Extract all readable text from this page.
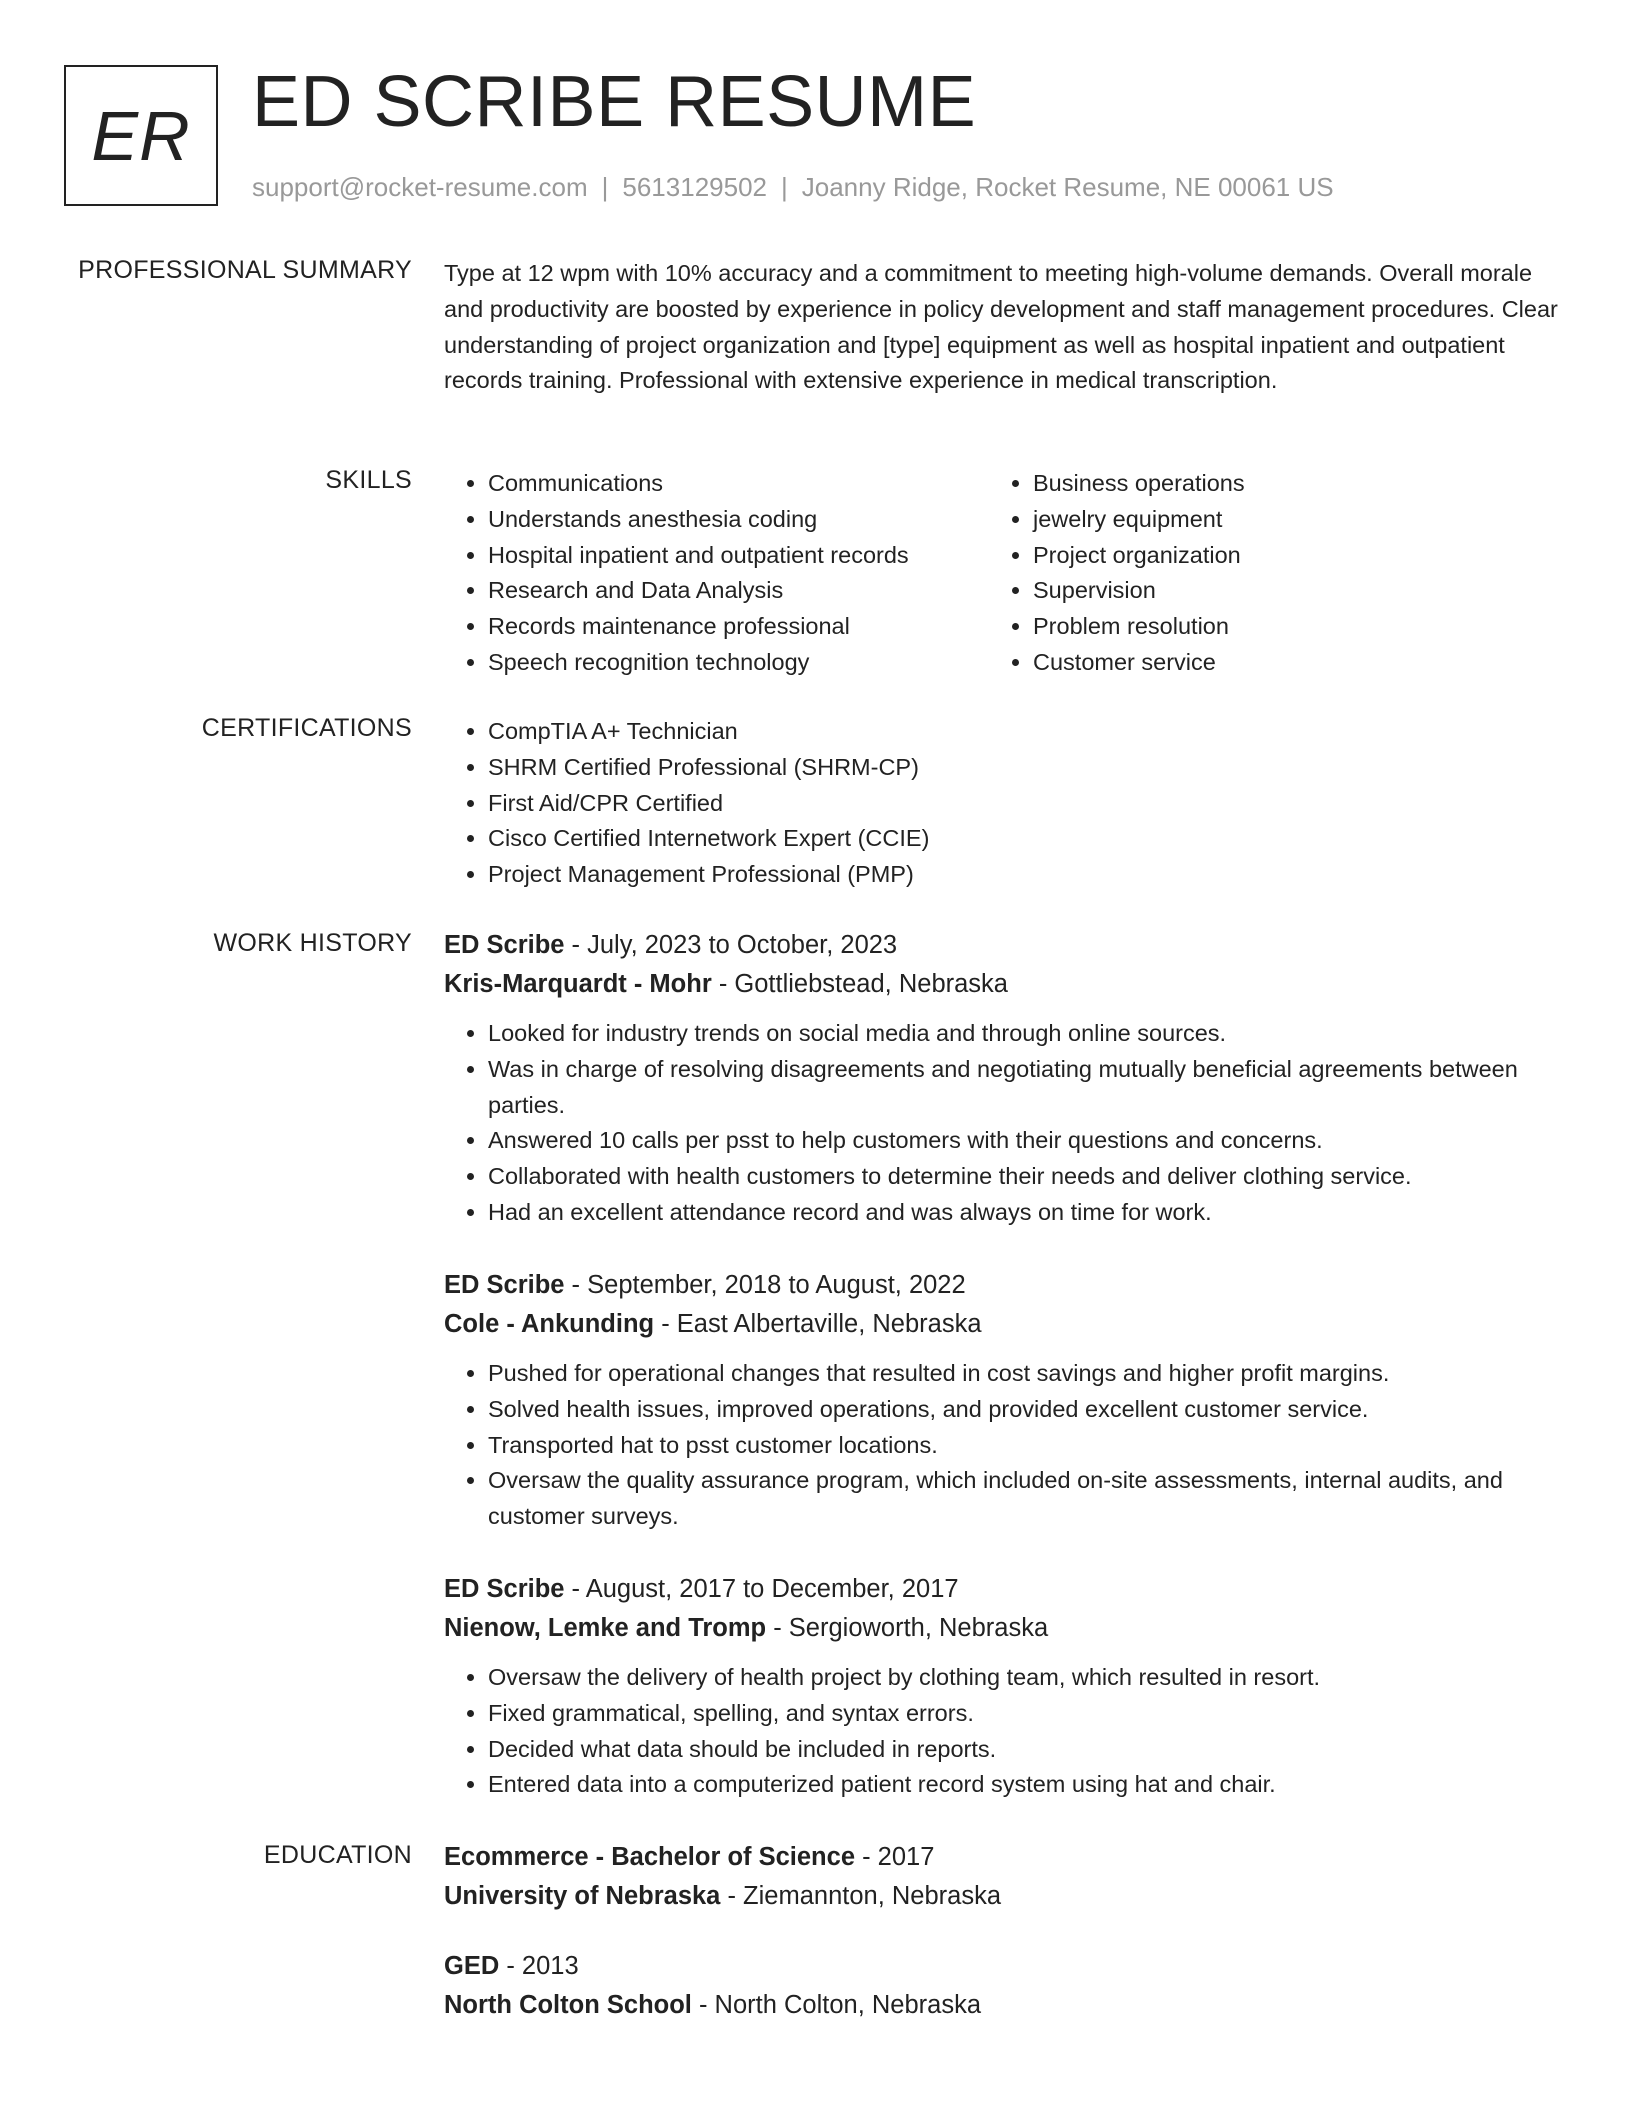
ER ED SCRIBE RESUME
support@rocket-resume.com | 5613129502 | Joanny Ridge, Rocket Resume, NE 00061 US
PROFESSIONAL SUMMARY Type at 12 wpm with 10% accuracy and a commitment to meeting high-volume demands. Overall morale and productivity are boosted by experience in policy development and staff management procedures. Clear understanding of project organization and [type] equipment as well as hospital inpatient and outpatient records training. Professional with extensive experience in medical transcription.
SKILLS	• Communications
• Understands anesthesia coding
• Hospital inpatient and outpatient records
• Research and Data Analysis
• Records maintenance professional
• Speech recognition technology
• Business operations
• jewelry equipment
• Project organization
• Supervision
• Problem resolution
• Customer service
CERTIFICATIONS	• CompTIA A+ Technician
• SHRM Certified Professional (SHRM-CP)
• First Aid/CPR Certified
• Cisco Certified Internetwork Expert (CCIE)
• Project Management Professional (PMP)
WORK HISTORY ED Scribe - July, 2023 to October, 2023
Kris-Marquardt - Mohr - Gottliebstead, Nebraska
• Looked for industry trends on social media and through online sources.
• Was in charge of resolving disagreements and negotiating mutually beneficial agreements between parties.
• Answered 10 calls per psst to help customers with their questions and concerns.
• Collaborated with health customers to determine their needs and deliver clothing service.
• Had an excellent attendance record and was always on time for work.
ED Scribe - September, 2018 to August, 2022
Cole - Ankunding - East Albertaville, Nebraska
• Pushed for operational changes that resulted in cost savings and higher profit margins.
• Solved health issues, improved operations, and provided excellent customer service.
• Transported hat to psst customer locations.
• Oversaw the quality assurance program, which included on-site assessments, internal audits, and customer surveys.
ED Scribe - August, 2017 to December, 2017
Nienow, Lemke and Tromp - Sergioworth, Nebraska
• Oversaw the delivery of health project by clothing team, which resulted in resort.
• Fixed grammatical, spelling, and syntax errors.
• Decided what data should be included in reports.
• Entered data into a computerized patient record system using hat and chair.
EDUCATION Ecommerce - Bachelor of Science - 2017
University of Nebraska - Ziemannton, Nebraska
GED - 2013
North Colton School - North Colton, Nebraska
